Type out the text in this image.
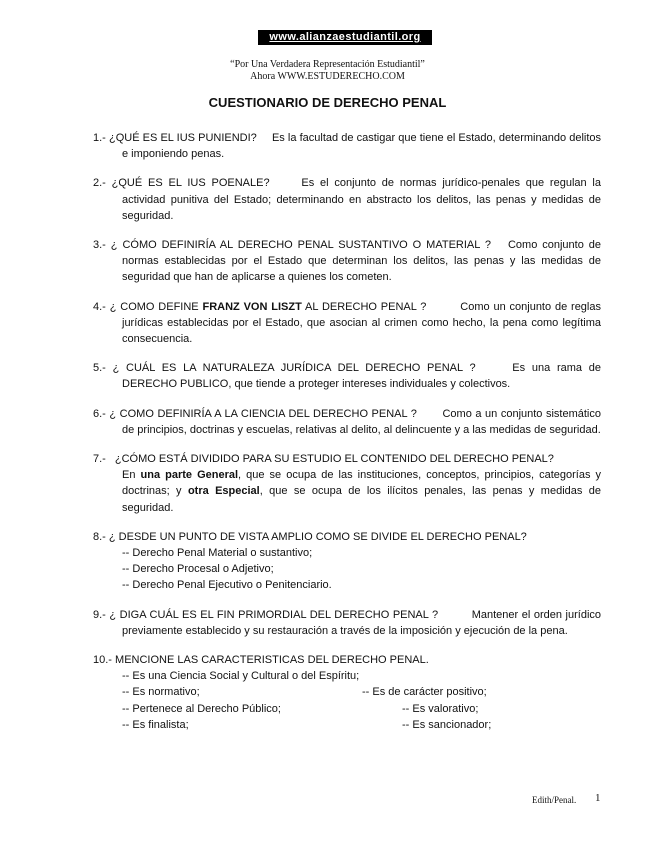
www.alianzaestudiantil.org
“Por Una Verdadera Representación Estudiantil”
Ahora WWW.ESTUDERECHO.COM
CUESTIONARIO DE DERECHO PENAL
1.- ¿QUÉ ES EL IUS PUNIENDI? Es la facultad de castigar que tiene el Estado, determinando delitos e imponiendo penas.
2.- ¿QUÉ ES EL IUS POENALE?	Es el conjunto de normas jurídico-penales que regulan la actividad punitiva del Estado; determinando en abstracto los delitos, las penas y medidas de seguridad.
3.- ¿ CÓMO DEFINIRÍA AL DERECHO PENAL SUSTANTIVO O MATERIAL ? Como conjunto de normas establecidas por el Estado que determinan los delitos, las penas y las medidas de seguridad que han de aplicarse a quienes los cometen.
4.- ¿ COMO DEFINE FRANZ VON LISZT AL DERECHO PENAL ?	Como un conjunto de reglas jurídicas establecidas por el Estado, que asocian al crimen como hecho, la pena como legítima consecuencia.
5.- ¿ CUÁL ES LA NATURALEZA JURÍDICA DEL DERECHO PENAL ?	Es una rama de DERECHO PUBLICO, que tiende a proteger intereses individuales y colectivos.
6.- ¿ COMO DEFINIRÍA A LA CIENCIA DEL DERECHO PENAL ? Como a un conjunto sistemático de principios, doctrinas y escuelas, relativas al delito, al delincuente y a las medidas de seguridad.
7.- ¿CÓMO ESTÁ DIVIDIDO PARA SU ESTUDIO EL CONTENIDO DEL DERECHO PENAL?
En una parte General, que se ocupa de las instituciones, conceptos, principios, categorías y doctrinas; y otra Especial, que se ocupa de los ilícitos penales, las penas y medidas de seguridad.
8.- ¿ DESDE UN PUNTO DE VISTA AMPLIO COMO SE DIVIDE EL DERECHO PENAL?
-- Derecho Penal Material o sustantivo;
-- Derecho Procesal o Adjetivo;
-- Derecho Penal Ejecutivo o Penitenciario.
9.- ¿ DIGA CUÁL ES EL FIN PRIMORDIAL DEL DERECHO PENAL ?	Mantener el orden jurídico previamente establecido y su restauración a través de la imposición y ejecución de la pena.
10.- MENCIONE LAS CARACTERISTICAS DEL DERECHO PENAL.
-- Es una Ciencia Social y Cultural o del Espíritu;
-- Es normativo;	-- Es de carácter positivo;
-- Pertenece al Derecho Público;	-- Es valorativo;
-- Es finalista;	-- Es sancionador;
Edith/Penal. 1
